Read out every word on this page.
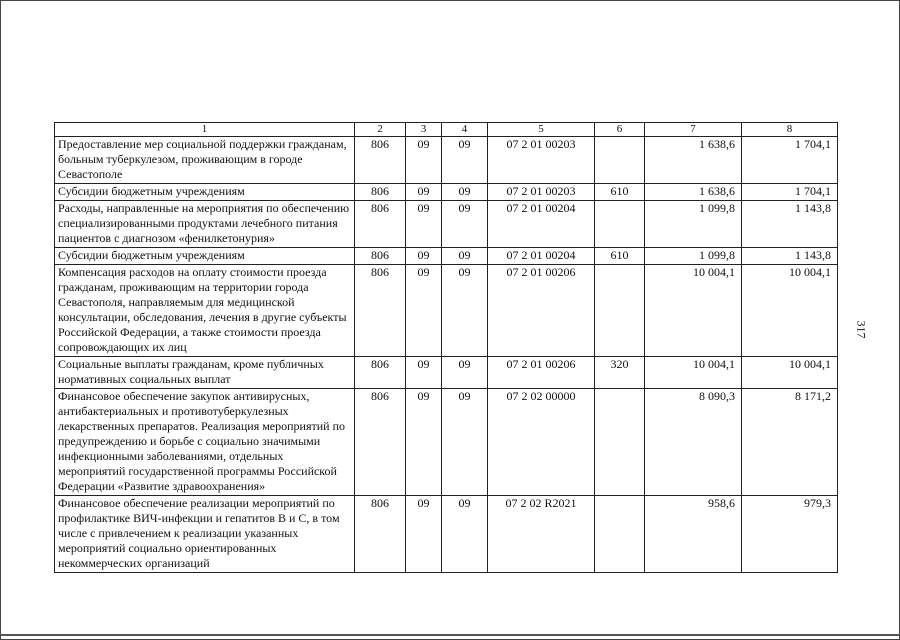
1	2	3	4	5	6	7	8
Предоставление мер социальной поддержки гражданам, больным туберкулезом, проживающим в городе Севастополе	806	09	09	07 2 01 00203		1 638,6	1 704,1
Субсидии бюджетным учреждениям	806	09	09	07 2 01 00203	610	1 638,6	1 704,1
Расходы, направленные на мероприятия по обеспечению специализированными продуктами лечебного питания пациентов с диагнозом «фенилкетонурия»	806	09	09	07 2 01 00204		1 099,8	1 143,8
Субсидии бюджетным учреждениям	806	09	09	07 2 01 00204	610	1 099,8	1 143,8
Компенсация расходов на оплату стоимости проезда гражданам, проживающим на территории города Севастополя, направляемым для медицинской консультации, обследования, лечения в другие субъекты Российской Федерации, а также стоимости проезда сопровождающих их лиц	806	09	09	07 2 01 00206		10 004,1	10 004,1
Социальные выплаты гражданам, кроме публичных нормативных социальных выплат	806	09	09	07 2 01 00206	320	10 004,1	10 004,1
Финансовое обеспечение закупок антивирусных, антибактериальных и противотуберкулезных лекарственных препаратов. Реализация мероприятий по предупреждению и борьбе с социально значимыми инфекционными заболеваниями, отдельных мероприятий государственной программы Российской Федерации «Развитие здравоохранения»	806	09	09	07 2 02 00000		8 090,3	8 171,2
Финансовое обеспечение реализации мероприятий по профилактике ВИЧ-инфекции и гепатитов В и С, в том числе с привлечением к реализации указанных мероприятий социально ориентированных некоммерческих организаций	806	09	09	07 2 02 R2021		958,6	979,3
317
